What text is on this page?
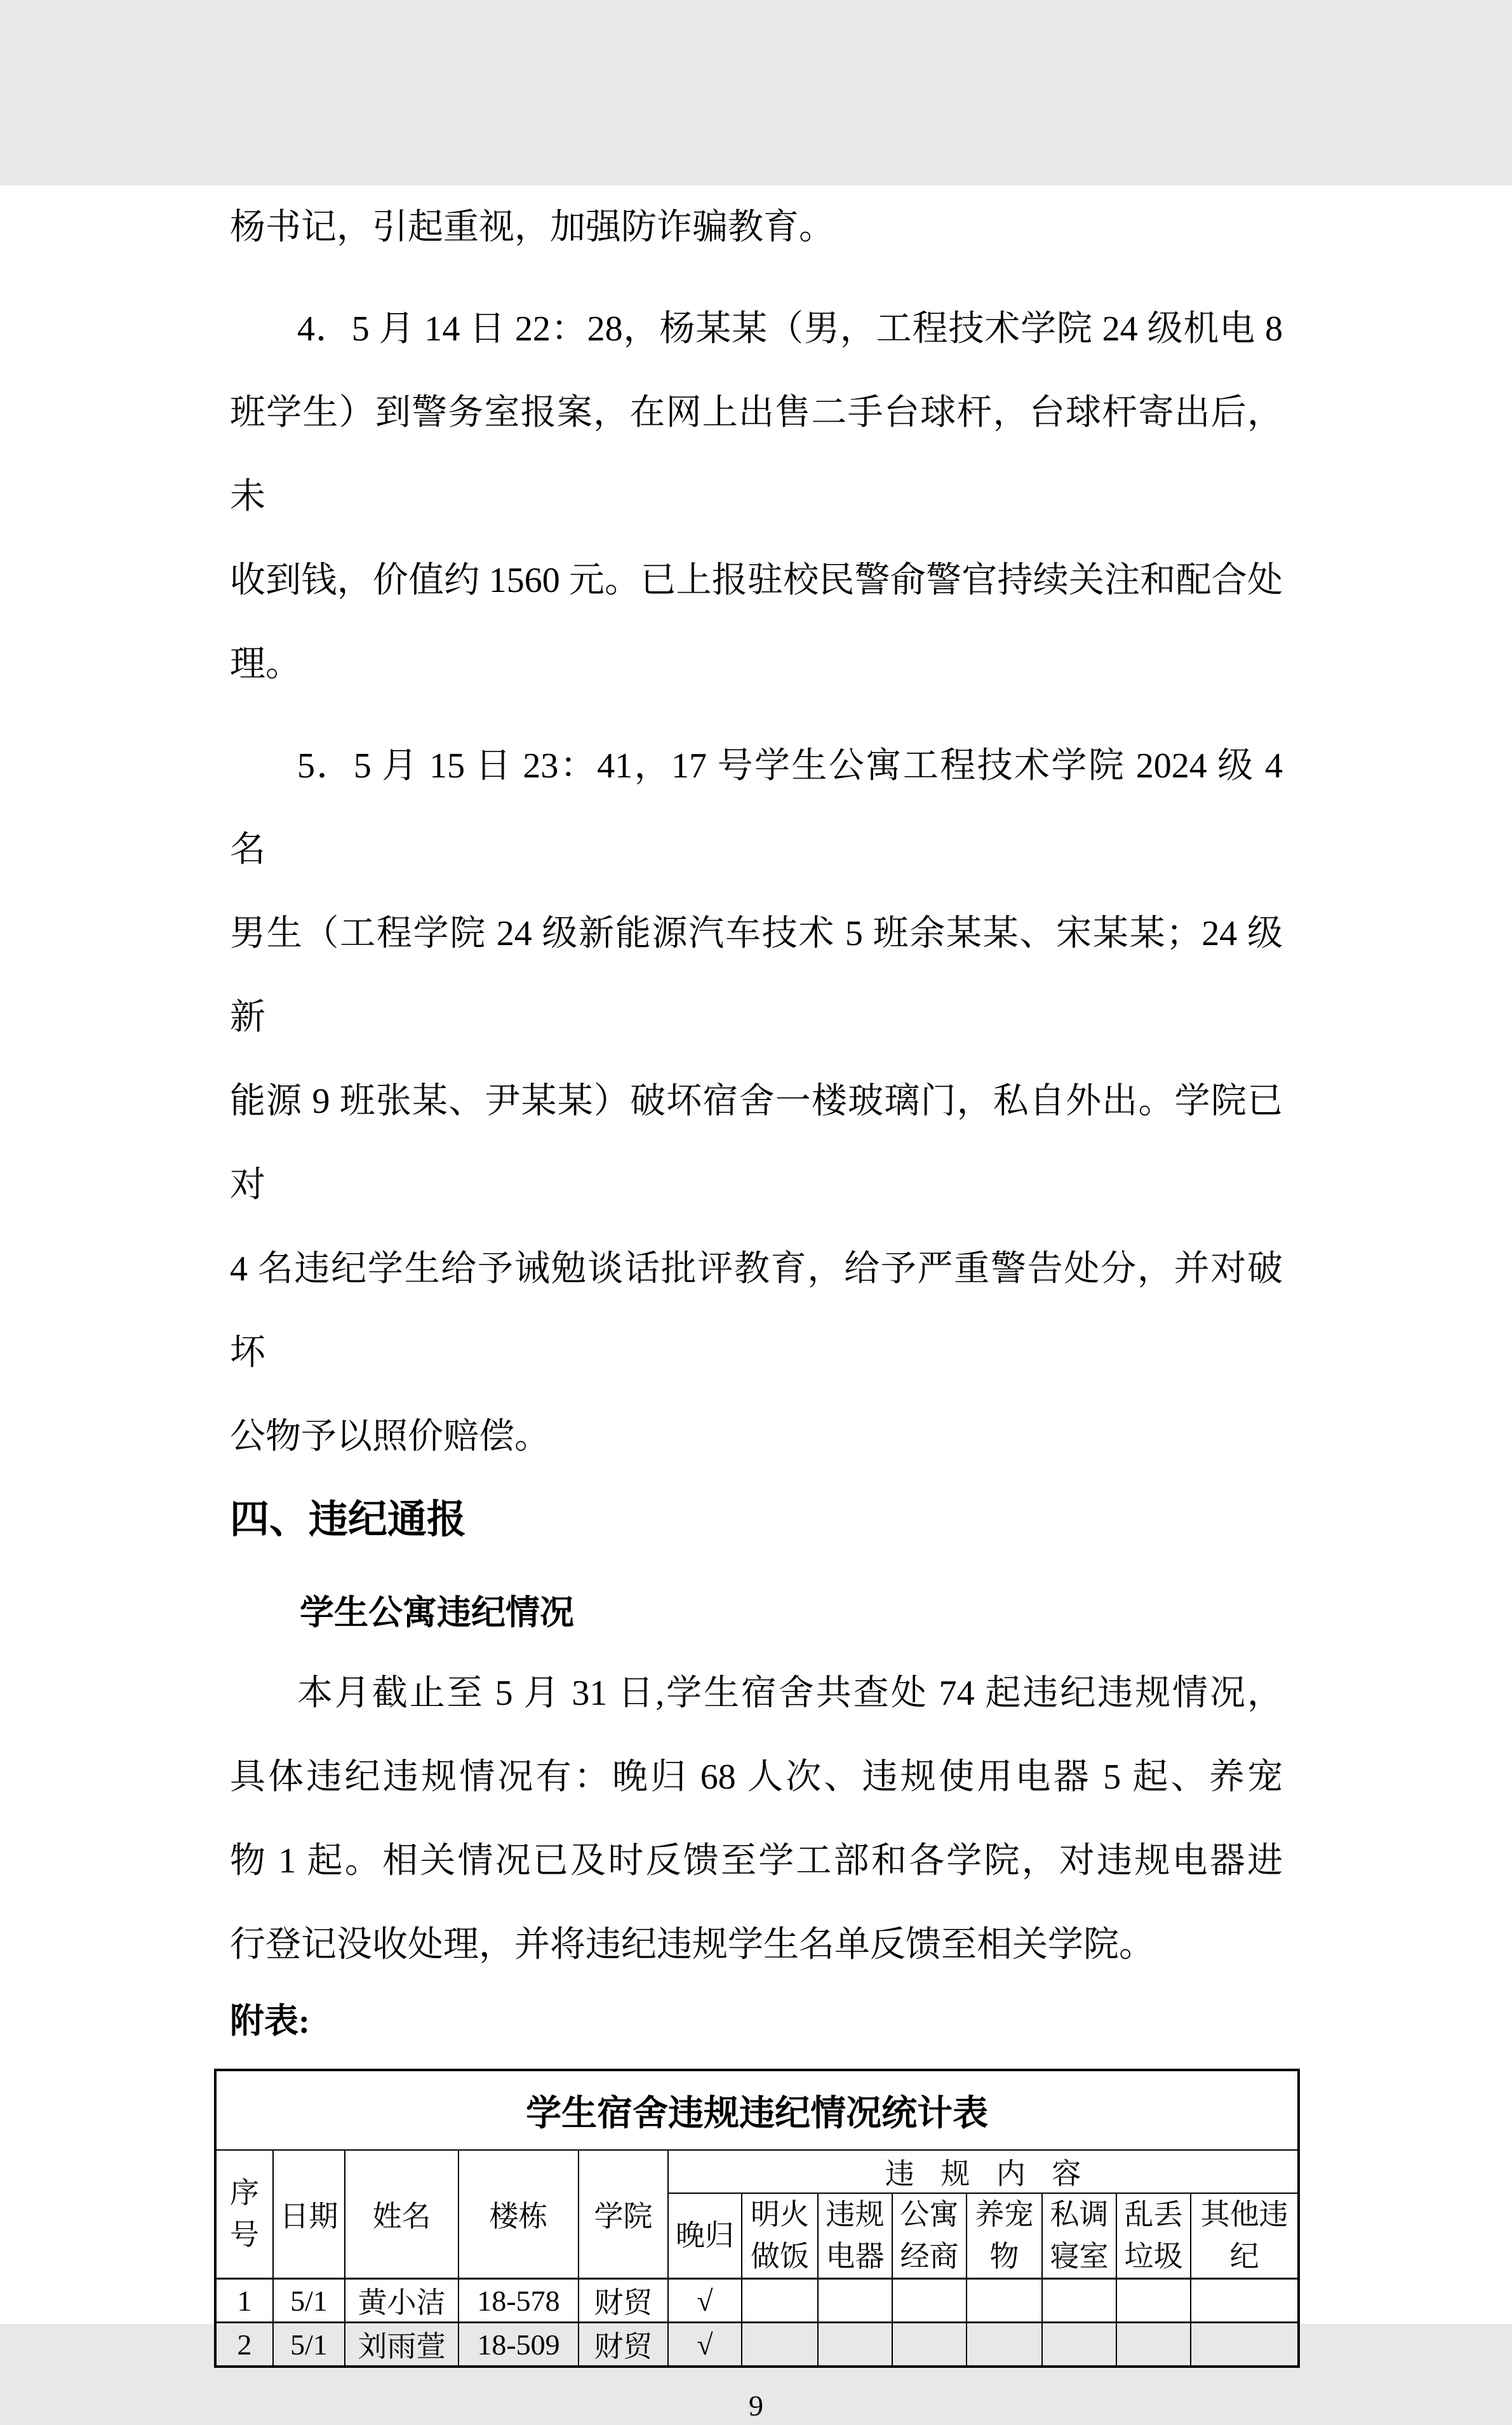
杨书记，引起重视，加强防诈骗教育。
4．5 月 14 日 22：28，杨某某（男，工程技术学院 24 级机电 8
班学生）到警务室报案，在网上出售二手台球杆，台球杆寄出后，未
收到钱，价值约 1560 元。已上报驻校民警俞警官持续关注和配合处
理。
5．5 月 15 日 23：41，17 号学生公寓工程技术学院 2024 级 4 名
男生（工程学院 24 级新能源汽车技术 5 班余某某、宋某某；24 级新
能源 9 班张某、尹某某）破坏宿舍一楼玻璃门，私自外出。学院已对
4 名违纪学生给予诫勉谈话批评教育，给予严重警告处分，并对破坏
公物予以照价赔偿。
四、违纪通报
学生公寓违纪情况
本月截止至 5 月 31 日,学生宿舍共查处 74 起违纪违规情况，
具体违纪违规情况有：晚归 68 人次、违规使用电器 5 起、养宠
物 1 起。相关情况已及时反馈至学工部和各学院，对违规电器进
行登记没收处理，并将违纪违规学生名单反馈至相关学院。
附表:
学生宿舍违规违纪情况统计表												
序号	日期	姓名	楼栋	学院	违 规 内 容							
					晚归	明火做饭	违规电器	公寓经商	养宠物	私调寝室	乱丢垃圾	其他违纪
1	5/1	黄小洁	18-578	财贸	√							
2	5/1	刘雨萱	18-509	财贸	√							
9
